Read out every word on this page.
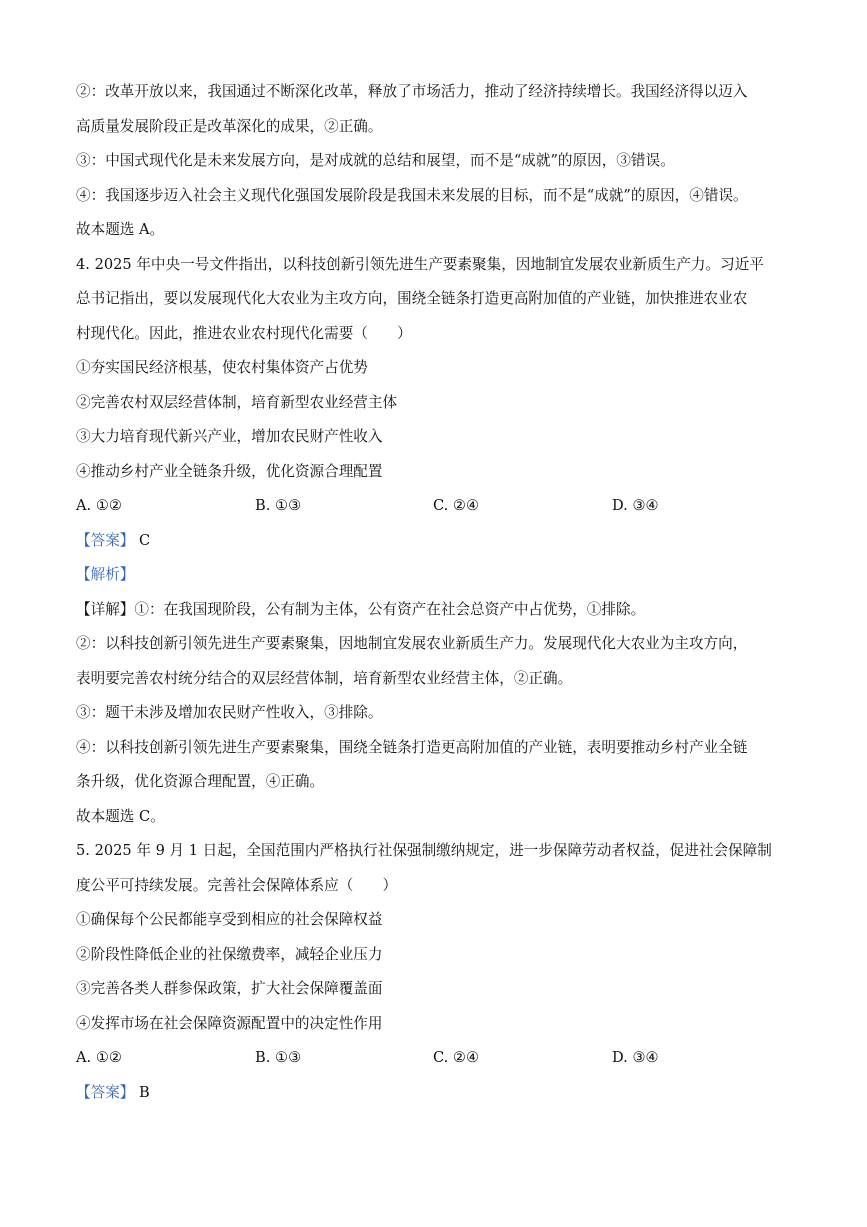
②：改革开放以来，我国通过不断深化改革，释放了市场活力，推动了经济持续增长。我国经济得以迈入

高质量发展阶段正是改革深化的成果，②正确。

③：中国式现代化是未来发展方向，是对成就的总结和展望，而不是“成就”的原因，③错误。

④：我国逐步迈入社会主义现代化强国发展阶段是我国未来发展的目标，而不是“成就”的原因，④错误。

故本题选 A。

4. 2025 年中央一号文件指出，以科技创新引领先进生产要素聚集，因地制宜发展农业新质生产力。习近平

总书记指出，要以发展现代化大农业为主攻方向，围绕全链条打造更高附加值的产业链，加快推进农业农

村现代化。因此，推进农业农村现代化需要（　　）

①夯实国民经济根基，使农村集体资产占优势

②完善农村双层经营体制，培育新型农业经营主体

③大力培育现代新兴产业，增加农民财产性收入

④推动乡村产业全链条升级，优化资源合理配置

A. ①②	B. ①③	C. ②④	D. ③④

【答案】 C

【解析】

【详解】①：在我国现阶段，公有制为主体，公有资产在社会总资产中占优势，①排除。

②：以科技创新引领先进生产要素聚集，因地制宜发展农业新质生产力。发展现代化大农业为主攻方向，

表明要完善农村统分结合的双层经营体制，培育新型农业经营主体，②正确。

③：题干未涉及增加农民财产性收入，③排除。

④：以科技创新引领先进生产要素聚集，围绕全链条打造更高附加值的产业链，表明要推动乡村产业全链

条升级，优化资源合理配置，④正确。

故本题选 C。

5. 2025 年 9 月 1 日起，全国范围内严格执行社保强制缴纳规定，进一步保障劳动者权益，促进社会保障制

度公平可持续发展。完善社会保障体系应（　　）

①确保每个公民都能享受到相应的社会保障权益

②阶段性降低企业的社保缴费率，减轻企业压力

③完善各类人群参保政策，扩大社会保障覆盖面

④发挥市场在社会保障资源配置中的决定性作用

A. ①②	B. ①③	C. ②④	D. ③④

【答案】 B
